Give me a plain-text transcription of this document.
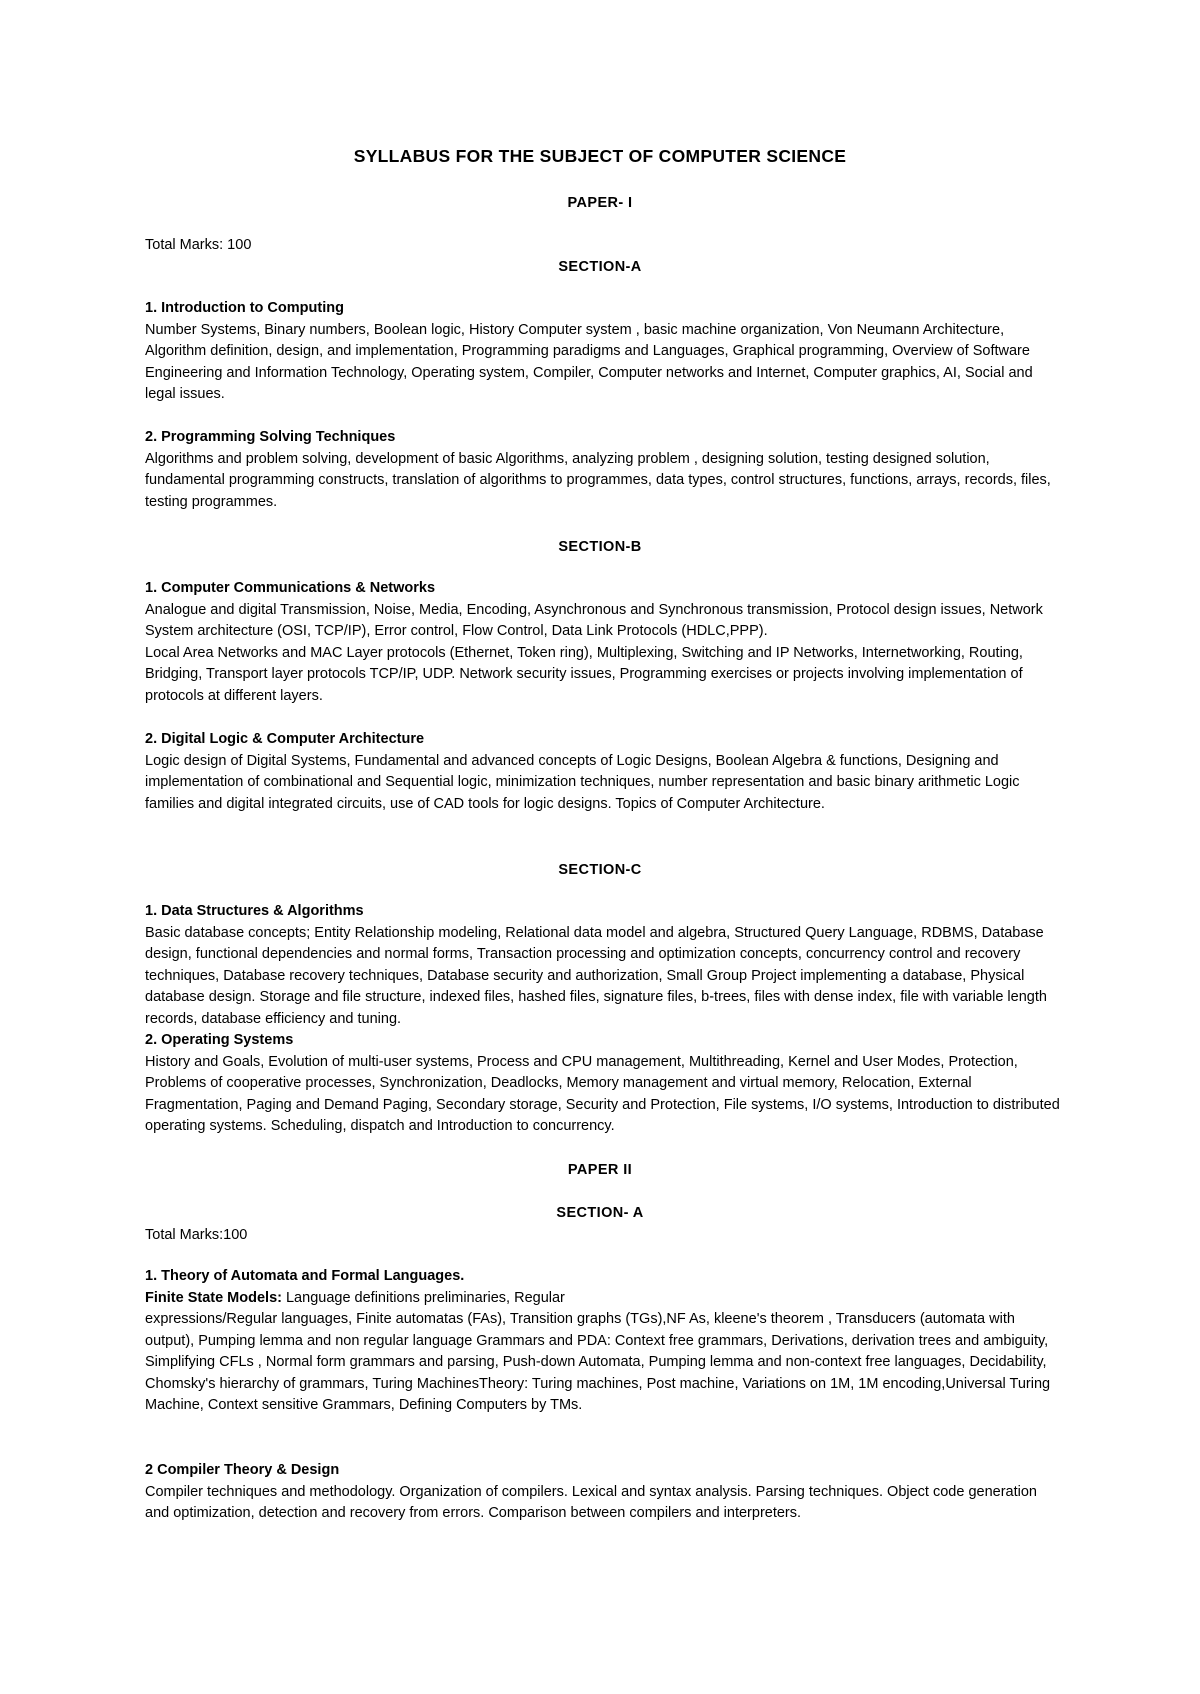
SYLLABUS FOR THE SUBJECT OF COMPUTER SCIENCE
PAPER- I
Total Marks: 100
SECTION-A
1. Introduction to Computing
Number Systems, Binary numbers, Boolean logic, History Computer system , basic machine organization, Von Neumann Architecture, Algorithm definition, design, and implementation, Programming paradigms and Languages, Graphical programming, Overview of Software Engineering and Information Technology, Operating system, Compiler, Computer networks and Internet, Computer graphics, AI, Social and legal issues.
2. Programming Solving Techniques
Algorithms and problem solving, development of basic Algorithms, analyzing problem , designing solution, testing designed solution, fundamental programming constructs, translation of algorithms to programmes, data types, control structures, functions, arrays, records, files, testing programmes.
SECTION-B
1. Computer Communications & Networks
Analogue and digital Transmission, Noise, Media, Encoding, Asynchronous and Synchronous transmission, Protocol design issues, Network System architecture (OSI, TCP/IP), Error control, Flow Control, Data Link Protocols (HDLC,PPP).
Local Area Networks and MAC Layer protocols (Ethernet, Token ring), Multiplexing, Switching and IP Networks, Internetworking, Routing, Bridging, Transport layer protocols TCP/IP, UDP. Network security issues, Programming exercises or projects involving implementation of protocols at different layers.
2. Digital Logic & Computer Architecture
Logic design of Digital Systems, Fundamental and advanced concepts of Logic Designs, Boolean Algebra & functions, Designing and implementation of combinational and Sequential logic, minimization techniques, number representation and basic binary arithmetic Logic families and digital integrated circuits, use of CAD tools for logic designs. Topics of Computer Architecture.
SECTION-C
1. Data Structures & Algorithms
Basic database concepts; Entity Relationship modeling, Relational data model and algebra, Structured Query Language, RDBMS, Database design, functional dependencies and normal forms, Transaction processing and optimization concepts, concurrency control and recovery techniques, Database recovery techniques, Database security and authorization, Small Group Project implementing a database, Physical database design. Storage and file structure, indexed files, hashed files, signature files, b-trees, files with dense index, file with variable length records, database efficiency and tuning.
2. Operating Systems
History and Goals, Evolution of multi-user systems, Process and CPU management, Multithreading, Kernel and User Modes, Protection, Problems of cooperative processes, Synchronization, Deadlocks, Memory management and virtual memory, Relocation, External Fragmentation, Paging and Demand Paging, Secondary storage, Security and Protection, File systems, I/O systems, Introduction to distributed operating systems. Scheduling, dispatch and Introduction to concurrency.
PAPER II
SECTION- A
Total Marks:100
1. Theory of Automata and Formal Languages.
Finite State Models: Language definitions preliminaries, Regular
expressions/Regular languages, Finite automatas (FAs), Transition graphs (TGs),NF As, kleene's theorem , Transducers (automata with output), Pumping lemma and non regular language Grammars and PDA: Context free grammars, Derivations, derivation trees and ambiguity, Simplifying CFLs , Normal form grammars and parsing, Push-down Automata, Pumping lemma and non-context free languages, Decidability, Chomsky's hierarchy of grammars, Turing MachinesTheory: Turing machines, Post machine, Variations on 1M, 1M encoding,Universal Turing Machine, Context sensitive Grammars, Defining Computers by TMs.
2 Compiler Theory & Design
Compiler techniques and methodology. Organization of compilers. Lexical and syntax analysis. Parsing techniques. Object code generation and optimization, detection and recovery from errors. Comparison between compilers and interpreters.
